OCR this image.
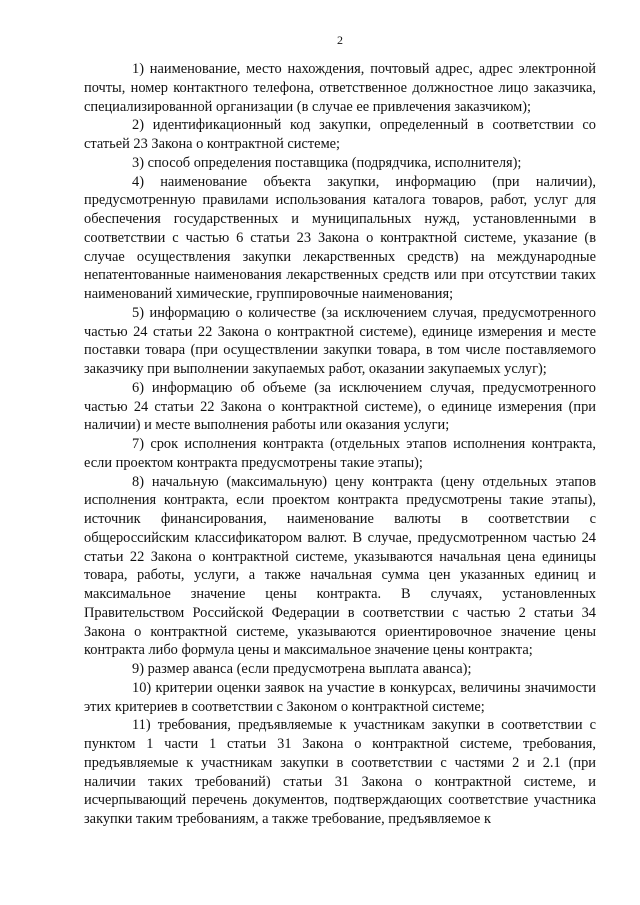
2

1) наименование, место нахождения, почтовый адрес, адрес электронной почты, номер контактного телефона, ответственное должностное лицо заказчика, специализированной организации (в случае ее привлечения заказчиком);

2) идентификационный код закупки, определенный в соответствии со статьей 23 Закона о контрактной системе;

3) способ определения поставщика (подрядчика, исполнителя);

4) наименование объекта закупки, информацию (при наличии), предусмотренную правилами использования каталога товаров, работ, услуг для обеспечения государственных и муниципальных нужд, установленными в соответствии с частью 6 статьи 23 Закона о контрактной системе, указание (в случае осуществления закупки лекарственных средств) на международные непатентованные наименования лекарственных средств или при отсутствии таких наименований химические, группировочные наименования;

5) информацию о количестве (за исключением случая, предусмотренного частью 24 статьи 22 Закона о контрактной системе), единице измерения и месте поставки товара (при осуществлении закупки товара, в том числе поставляемого заказчику при выполнении закупаемых работ, оказании закупаемых услуг);

6) информацию об объеме (за исключением случая, предусмотренного частью 24 статьи 22 Закона о контрактной системе), о единице измерения (при наличии) и месте выполнения работы или оказания услуги;

7) срок исполнения контракта (отдельных этапов исполнения контракта, если проектом контракта предусмотрены такие этапы);

8) начальную (максимальную) цену контракта (цену отдельных этапов исполнения контракта, если проектом контракта предусмотрены такие этапы), источник финансирования, наименование валюты в соответствии с общероссийским классификатором валют. В случае, предусмотренном частью 24 статьи 22 Закона о контрактной системе, указываются начальная цена единицы товара, работы, услуги, а также начальная сумма цен указанных единиц и максимальное значение цены контракта. В случаях, установленных Правительством Российской Федерации в соответствии с частью 2 статьи 34 Закона о контрактной системе, указываются ориентировочное значение цены контракта либо формула цены и максимальное значение цены контракта;

9) размер аванса (если предусмотрена выплата аванса);

10) критерии оценки заявок на участие в конкурсах, величины значимости этих критериев в соответствии с Законом о контрактной системе;

11) требования, предъявляемые к участникам закупки в соответствии с пунктом 1 части 1 статьи 31 Закона о контрактной системе, требования, предъявляемые к участникам закупки в соответствии с частями 2 и 2.1 (при наличии таких требований) статьи 31 Закона о контрактной системе, и исчерпывающий перечень документов, подтверждающих соответствие участника закупки таким требованиям, а также требование, предъявляемое к
